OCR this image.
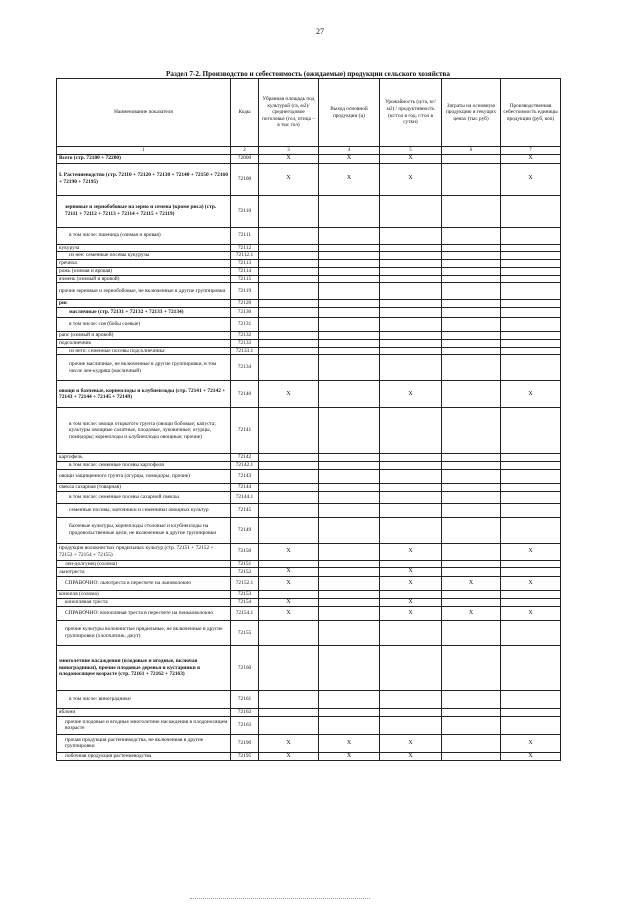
27
Раздел 7-2. Производство и себестоимость (ожидаемые) продукции сельского хозяйства
Наименование показателя	Коды	Убранная площадь под культурой (га, м2)/ среднегодовое поголовье (гол, птица – в тыс гол)	Выход основной продукции (ц)	Урожайность (ц/га, кг/м2) / продуктивность (кг/гол в год, г/гол в сутки)	Затраты на основную продукцию в текущих ценах (тыс руб)	Производственная себестоимость единицы продукции (руб, коп)
1	2	3	4	5	6	7
Всего (стр. 72100 + 72200)	72000	X	X	X		X
I. Растениеводство (стр. 72110 + 72120 + 72130 + 72140 + 72150 + 72160 + 72190 + 72195)	72100	X	X	X		X
зерновые и зернобобовые на зерно и семена (кроме риса) (стр. 72111 + 72112 + 72113 + 72114 + 72115 + 72119)	72110					
в том числе: пшеница (озимая и яровая)	72111					
кукуруза	72112					
из нее: семенные посевы кукурузы	72112.1					
гречиха	72113					
рожь (озимая и яровая)	72114					
ячмень (озимый и яровой)	72115					
прочие зерновые и зернобобовые, не включенные в другие группировки	72119					
рис	72120					
масличные (стр. 72131 + 72132 + 72133 + 72134)	72130					
в том числе: соя (бобы соевые)	72131					
рапс (озимый и яровой)	72132					
подсолнечник	72133					
из него: семенные посевы подсолнечника	72133.1					
прочие масличные, не включенные в другие группировки, в том числе лен-кудряш (масличный)	72134					
овощи и бахчевые, корнеплоды и клубнеплоды (стр. 72141 + 72142 + 72143 + 72144 + 72145 + 72149)	72140	X		X		X
в том числе: овощи открытого грунта (овощи бобовые; капуста; культуры овощные салатные, плодовые, луковичные; огурцы, помидоры; корнеплоды и клубнеплоды овощные; прочие)	72141					
картофель	72142					
в том числе: семенные посевы картофеля	72142.1					
овощи защищенного грунта (огурцы, помидоры, прочие)	72143					
свекла сахарная (товарная)	72144					
в том числе: семенные посевы сахарной свеклы	72144.1					
семенные посевы, маточники и семенники овощных культур	72145					
бахчевые культуры, корнеплоды столовые и клубнеплоды на продовольственные цели, не включенные в другие группировки	72149					
продукция волокнистых прядильных культур (стр. 72151 + 72152 + 72153 + 72154 + 72155)	72150	X		X		X
лен-долгунец (солома)	72151					
льнотреста	72152	X		X		
СПРАВОЧНО: льнотреста в пересчете на льноволокно	72152.1	X		X	X	X
конопля (солома)	72153					
конопляная треста	72154	X		X		
СПРАВОЧНО: конопляная треста в пересчете на пеньковолокно	72154.1	X		X	X	X
прочие культуры волокнистые прядильные, не включенные в другие группировки (хлопчатник, джут)	72155					
многолетние насаждения (плодовые и ягодные, включая виноградники), прочие плодовые деревья и кустарники в плодоносящем возрасте (стр. 72161 + 72162 + 72163)	72160					
в том числе: виноградники	72161					
яблони	72162					
прочие плодовые и ягодные многолетние насаждения в плодоносящем возрасте	72163					
прочая продукция растениеводства, не включенная в другие группировки	72190	X	X	X		X
побочная продукция растениеводства	72195	X	X	X		X
